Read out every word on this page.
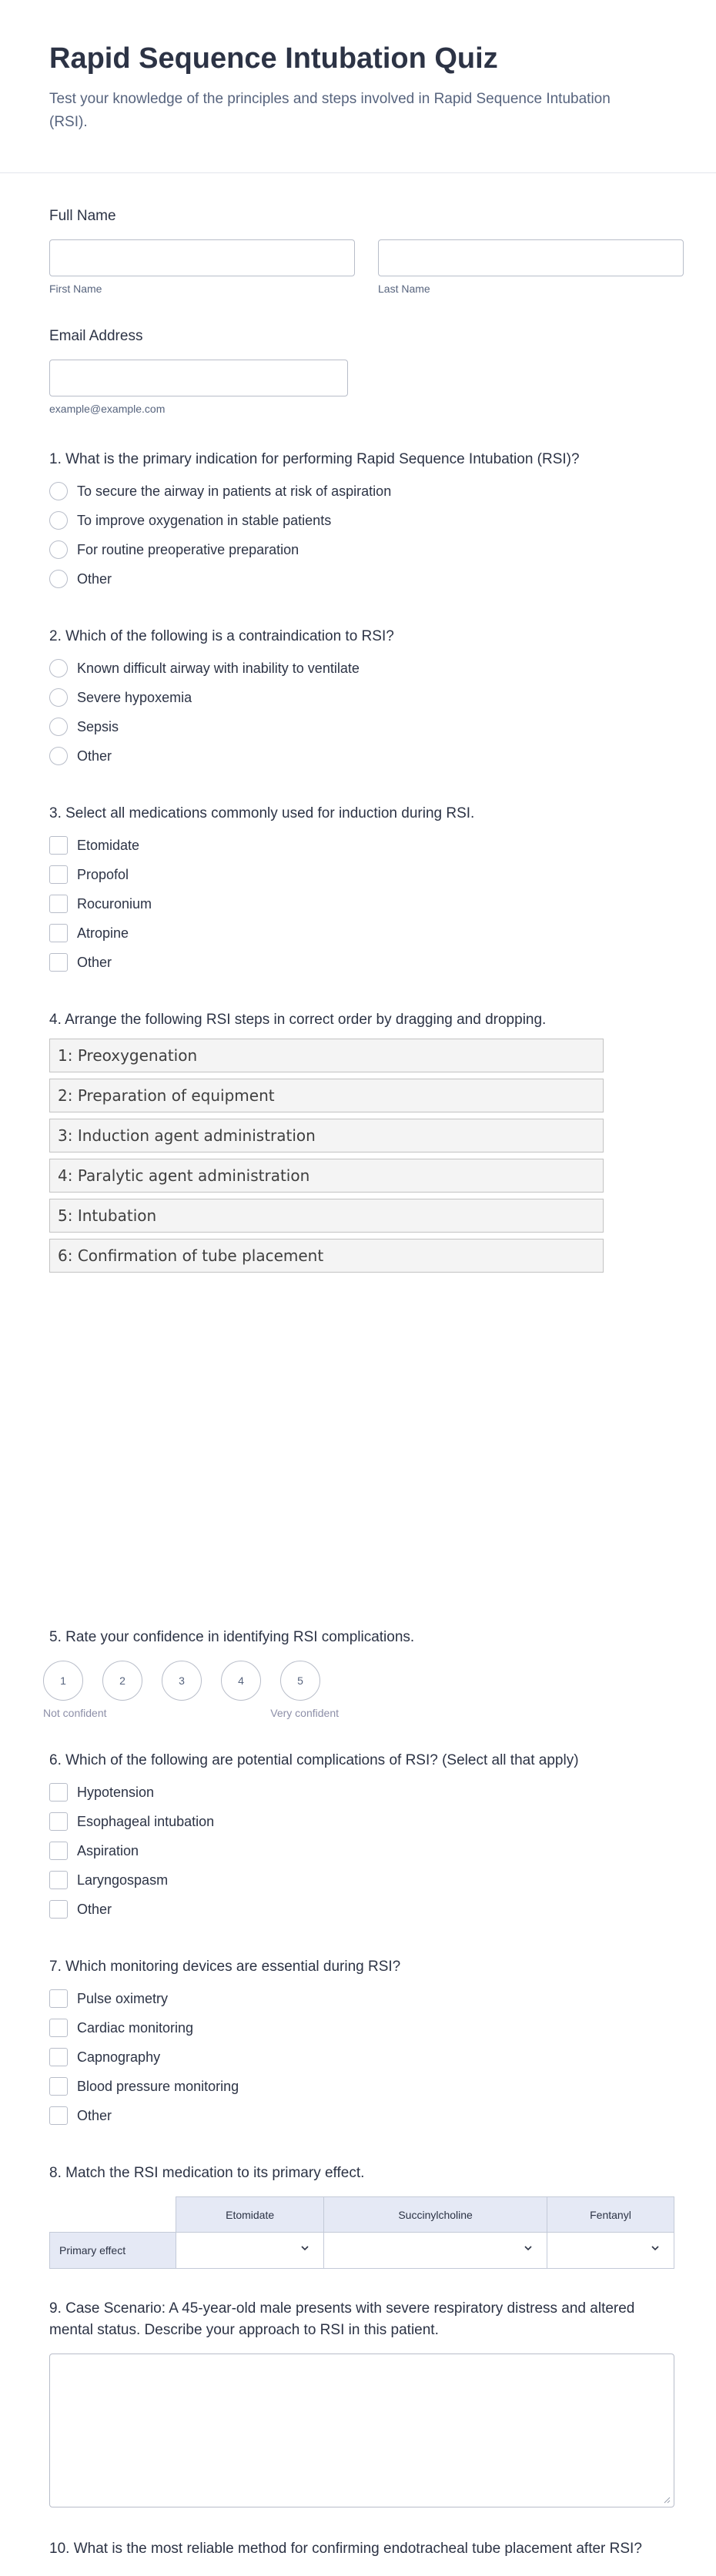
Rapid Sequence Intubation Quiz

Test your knowledge of the principles and steps involved in Rapid Sequence Intubation (RSI).

Full Name
First Name	Last Name
Email Address
example@example.com
1. What is the primary indication for performing Rapid Sequence Intubation (RSI)?
To secure the airway in patients at risk of aspiration
To improve oxygenation in stable patients
For routine preoperative preparation
Other
2. Which of the following is a contraindication to RSI?
Known difficult airway with inability to ventilate
Severe hypoxemia
Sepsis
Other
3. Select all medications commonly used for induction during RSI.
Etomidate
Propofol
Rocuronium
Atropine
Other
4. Arrange the following RSI steps in correct order by dragging and dropping.
1: Preoxygenation
2: Preparation of equipment
3: Induction agent administration
4: Paralytic agent administration
5: Intubation
6: Confirmation of tube placement
5. Rate your confidence in identifying RSI complications.
1	2	3	4	5
Not confident	Very confident
6. Which of the following are potential complications of RSI? (Select all that apply)
Hypotension
Esophageal intubation
Aspiration
Laryngospasm
Other
7. Which monitoring devices are essential during RSI?
Pulse oximetry
Cardiac monitoring
Capnography
Blood pressure monitoring
Other
8. Match the RSI medication to its primary effect.
	Etomidate	Succinylcholine	Fentanyl
Primary effect	

9. Case Scenario: A 45-year-old male presents with severe respiratory distress and altered mental status. Describe your approach to RSI in this patient.
10. What is the most reliable method for confirming endotracheal tube placement after RSI?
